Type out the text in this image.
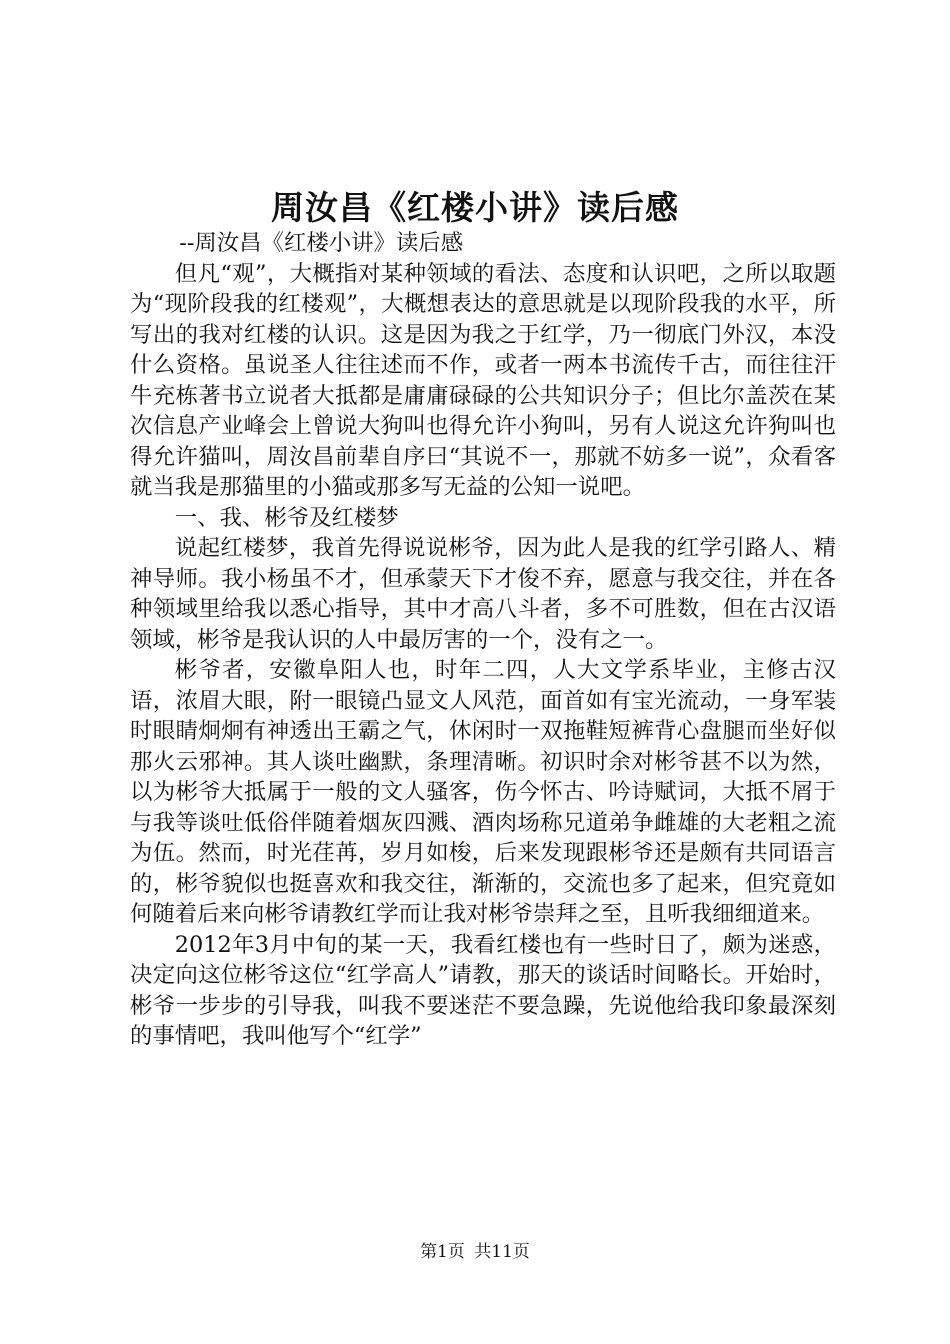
周汝昌《红楼小讲》读后感

--周汝昌《红楼小讲》读后感

但凡“观”，大概指对某种领域的看法、态度和认识吧，之所以取题为“现阶段我的红楼观”，大概想表达的意思就是以现阶段我的水平，所写出的我对红楼的认识。这是因为我之于红学，乃一彻底门外汉，本没什么资格。虽说圣人往往述而不作，或者一两本书流传千古，而往往汗牛充栋著书立说者大抵都是庸庸碌碌的公共知识分子；但比尔盖茨在某次信息产业峰会上曾说大狗叫也得允许小狗叫，另有人说这允许狗叫也得允许猫叫，周汝昌前辈自序曰“其说不一，那就不妨多一说”，众看客就当我是那猫里的小猫或那多写无益的公知一说吧。

一、我、彬爷及红楼梦

说起红楼梦，我首先得说说彬爷，因为此人是我的红学引路人、精神导师。我小杨虽不才，但承蒙天下才俊不弃，愿意与我交往，并在各种领域里给我以悉心指导，其中才高八斗者，多不可胜数，但在古汉语领域，彬爷是我认识的人中最厉害的一个，没有之一。

彬爷者，安徽阜阳人也，时年二四，人大文学系毕业，主修古汉语，浓眉大眼，附一眼镜凸显文人风范，面首如有宝光流动，一身军装时眼睛炯炯有神透出王霸之气，休闲时一双拖鞋短裤背心盘腿而坐好似那火云邪神。其人谈吐幽默，条理清晰。初识时余对彬爷甚不以为然，以为彬爷大抵属于一般的文人骚客，伤今怀古、吟诗赋词，大抵不屑于与我等谈吐低俗伴随着烟灰四溅、酒肉场称兄道弟争雌雄的大老粗之流为伍。然而，时光荏苒，岁月如梭，后来发现跟彬爷还是颇有共同语言的，彬爷貌似也挺喜欢和我交往，渐渐的，交流也多了起来，但究竟如何随着后来向彬爷请教红学而让我对彬爷崇拜之至，且听我细细道来。

2012年3月中旬的某一天，我看红楼也有一些时日了，颇为迷惑，决定向这位彬爷这位“红学高人”请教，那天的谈话时间略长。开始时，彬爷一步步的引导我，叫我不要迷茫不要急躁，先说他给我印象最深刻的事情吧，我叫他写个“红学”

第1页 共11页
